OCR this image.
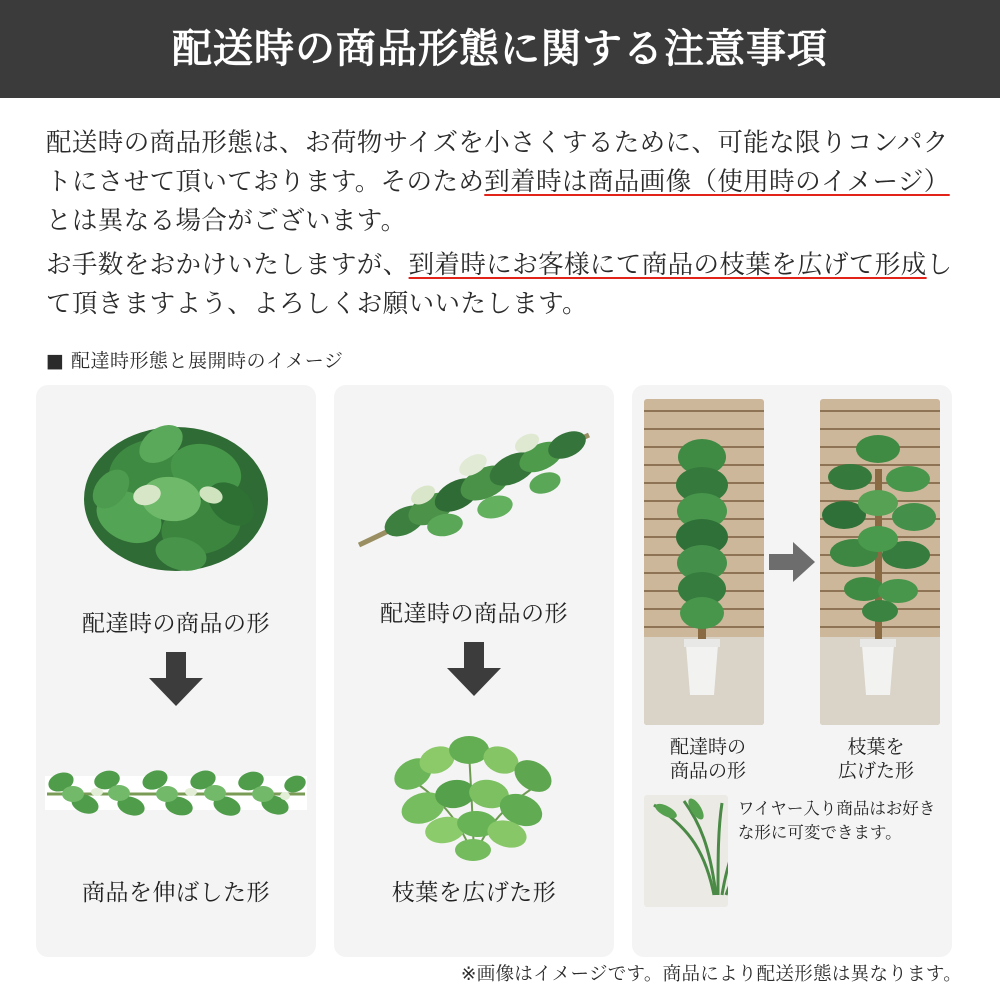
配送時の商品形態に関する注意事項
配送時の商品形態は、お荷物サイズを小さくするために、可能な限りコンパクトにさせて頂いております。そのため到着時は商品画像（使用時のイメージ）とは異なる場合がございます。
お手数をおかけいたしますが、到着時にお客様にて商品の枝葉を広げて形成して頂きますよう、よろしくお願いいたします。
■ 配達時形態と展開時のイメージ
配達時の商品の形
商品を伸ばした形
配達時の商品の形
枝葉を広げた形
配達時の
商品の形
枝葉を
広げた形
ワイヤー入り商品はお好きな形に可変できます。
※画像はイメージです。商品により配送形態は異なります。
